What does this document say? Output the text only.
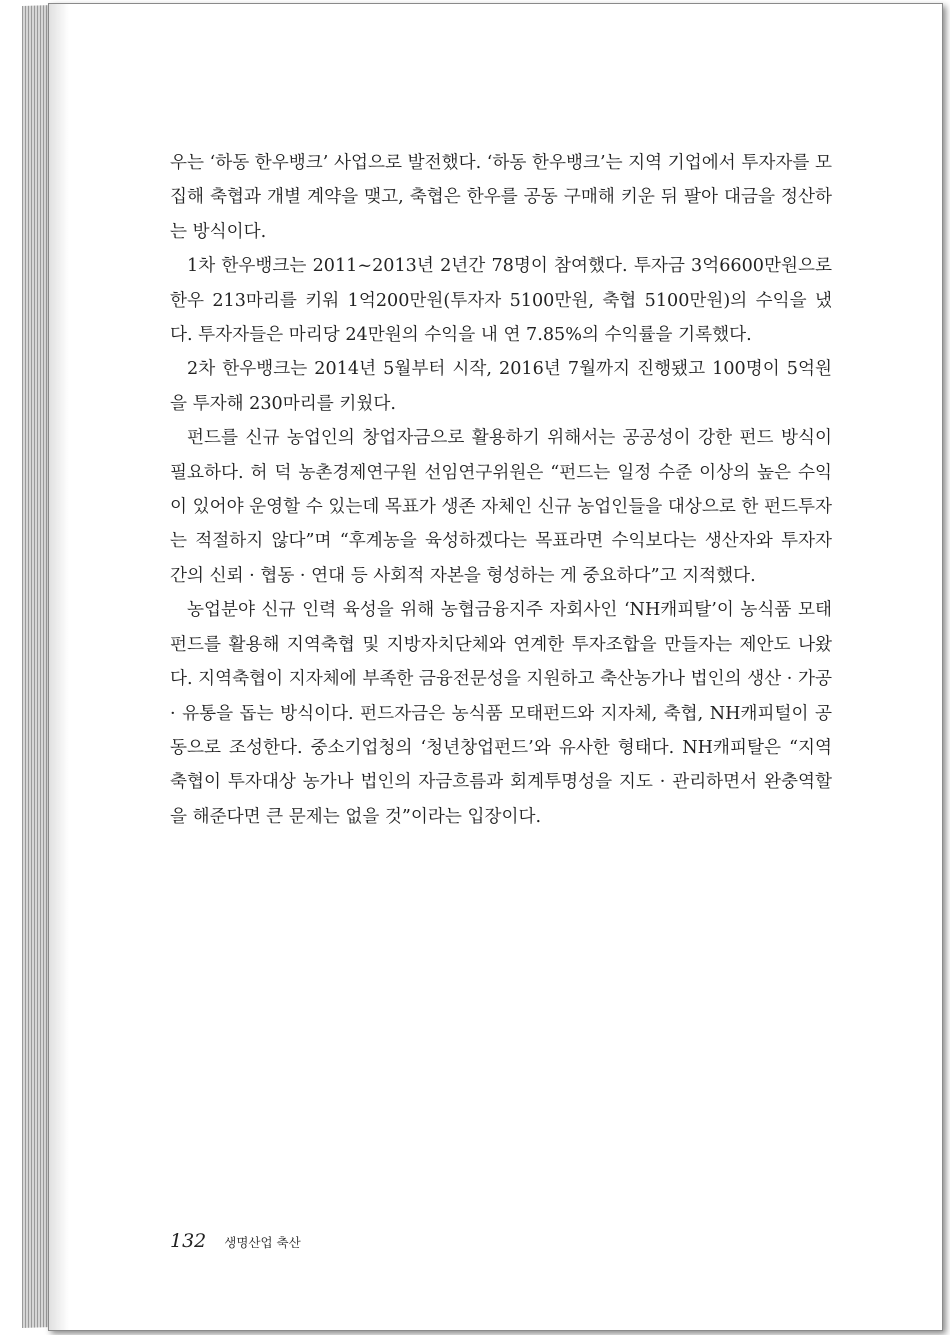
우는 ‘하동 한우뱅크’ 사업으로 발전했다. ‘하동 한우뱅크’는 지역 기업에서 투자자를 모집해 축협과 개별 계약을 맺고, 축협은 한우를 공동 구매해 키운 뒤 팔아 대금을 정산하는 방식이다.

1차 한우뱅크는 2011~2013년 2년간 78명이 참여했다. 투자금 3억6600만원으로 한우 213마리를 키워 1억200만원(투자자 5100만원, 축협 5100만원)의 수익을 냈다. 투자자들은 마리당 24만원의 수익을 내 연 7.85%의 수익률을 기록했다.

2차 한우뱅크는 2014년 5월부터 시작, 2016년 7월까지 진행됐고 100명이 5억원을 투자해 230마리를 키웠다.

펀드를 신규 농업인의 창업자금으로 활용하기 위해서는 공공성이 강한 펀드 방식이 필요하다. 허 덕 농촌경제연구원 선임연구위원은 “펀드는 일정 수준 이상의 높은 수익이 있어야 운영할 수 있는데 목표가 생존 자체인 신규 농업인들을 대상으로 한 펀드투자는 적절하지 않다”며 “후계농을 육성하겠다는 목표라면 수익보다는 생산자와 투자자 간의 신뢰 · 협동 · 연대 등 사회적 자본을 형성하는 게 중요하다”고 지적했다.

농업분야 신규 인력 육성을 위해 농협금융지주 자회사인 ‘NH캐피탈’이 농식품 모태펀드를 활용해 지역축협 및 지방자치단체와 연계한 투자조합을 만들자는 제안도 나왔다. 지역축협이 지자체에 부족한 금융전문성을 지원하고 축산농가나 법인의 생산 · 가공 · 유통을 돕는 방식이다. 펀드자금은 농식품 모태펀드와 지자체, 축협, NH캐피털이 공동으로 조성한다. 중소기업청의 ‘청년창업펀드’와 유사한 형태다. NH캐피탈은 “지역축협이 투자대상 농가나 법인의 자금흐름과 회계투명성을 지도 · 관리하면서 완충역할을 해준다면 큰 문제는 없을 것”이라는 입장이다.

132 생명산업 축산
